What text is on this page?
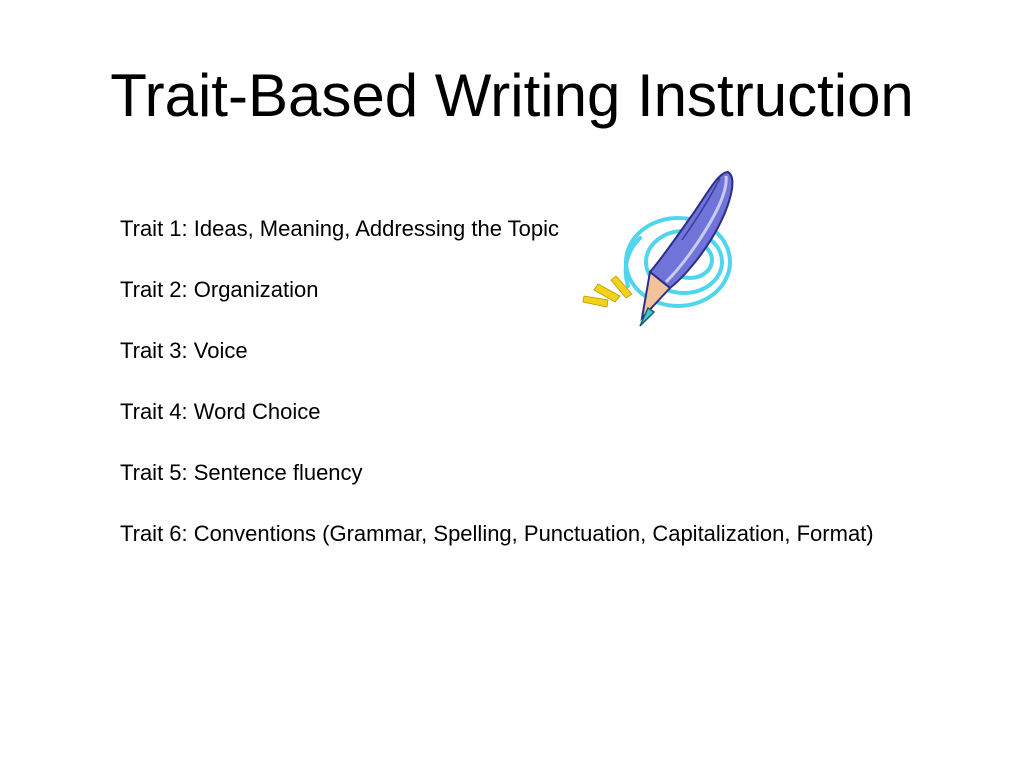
Trait-Based Writing Instruction
Trait 1: Ideas, Meaning, Addressing the Topic
Trait 2: Organization
Trait 3: Voice
Trait 4: Word Choice
Trait 5: Sentence fluency
Trait 6: Conventions (Grammar, Spelling, Punctuation, Capitalization, Format)
